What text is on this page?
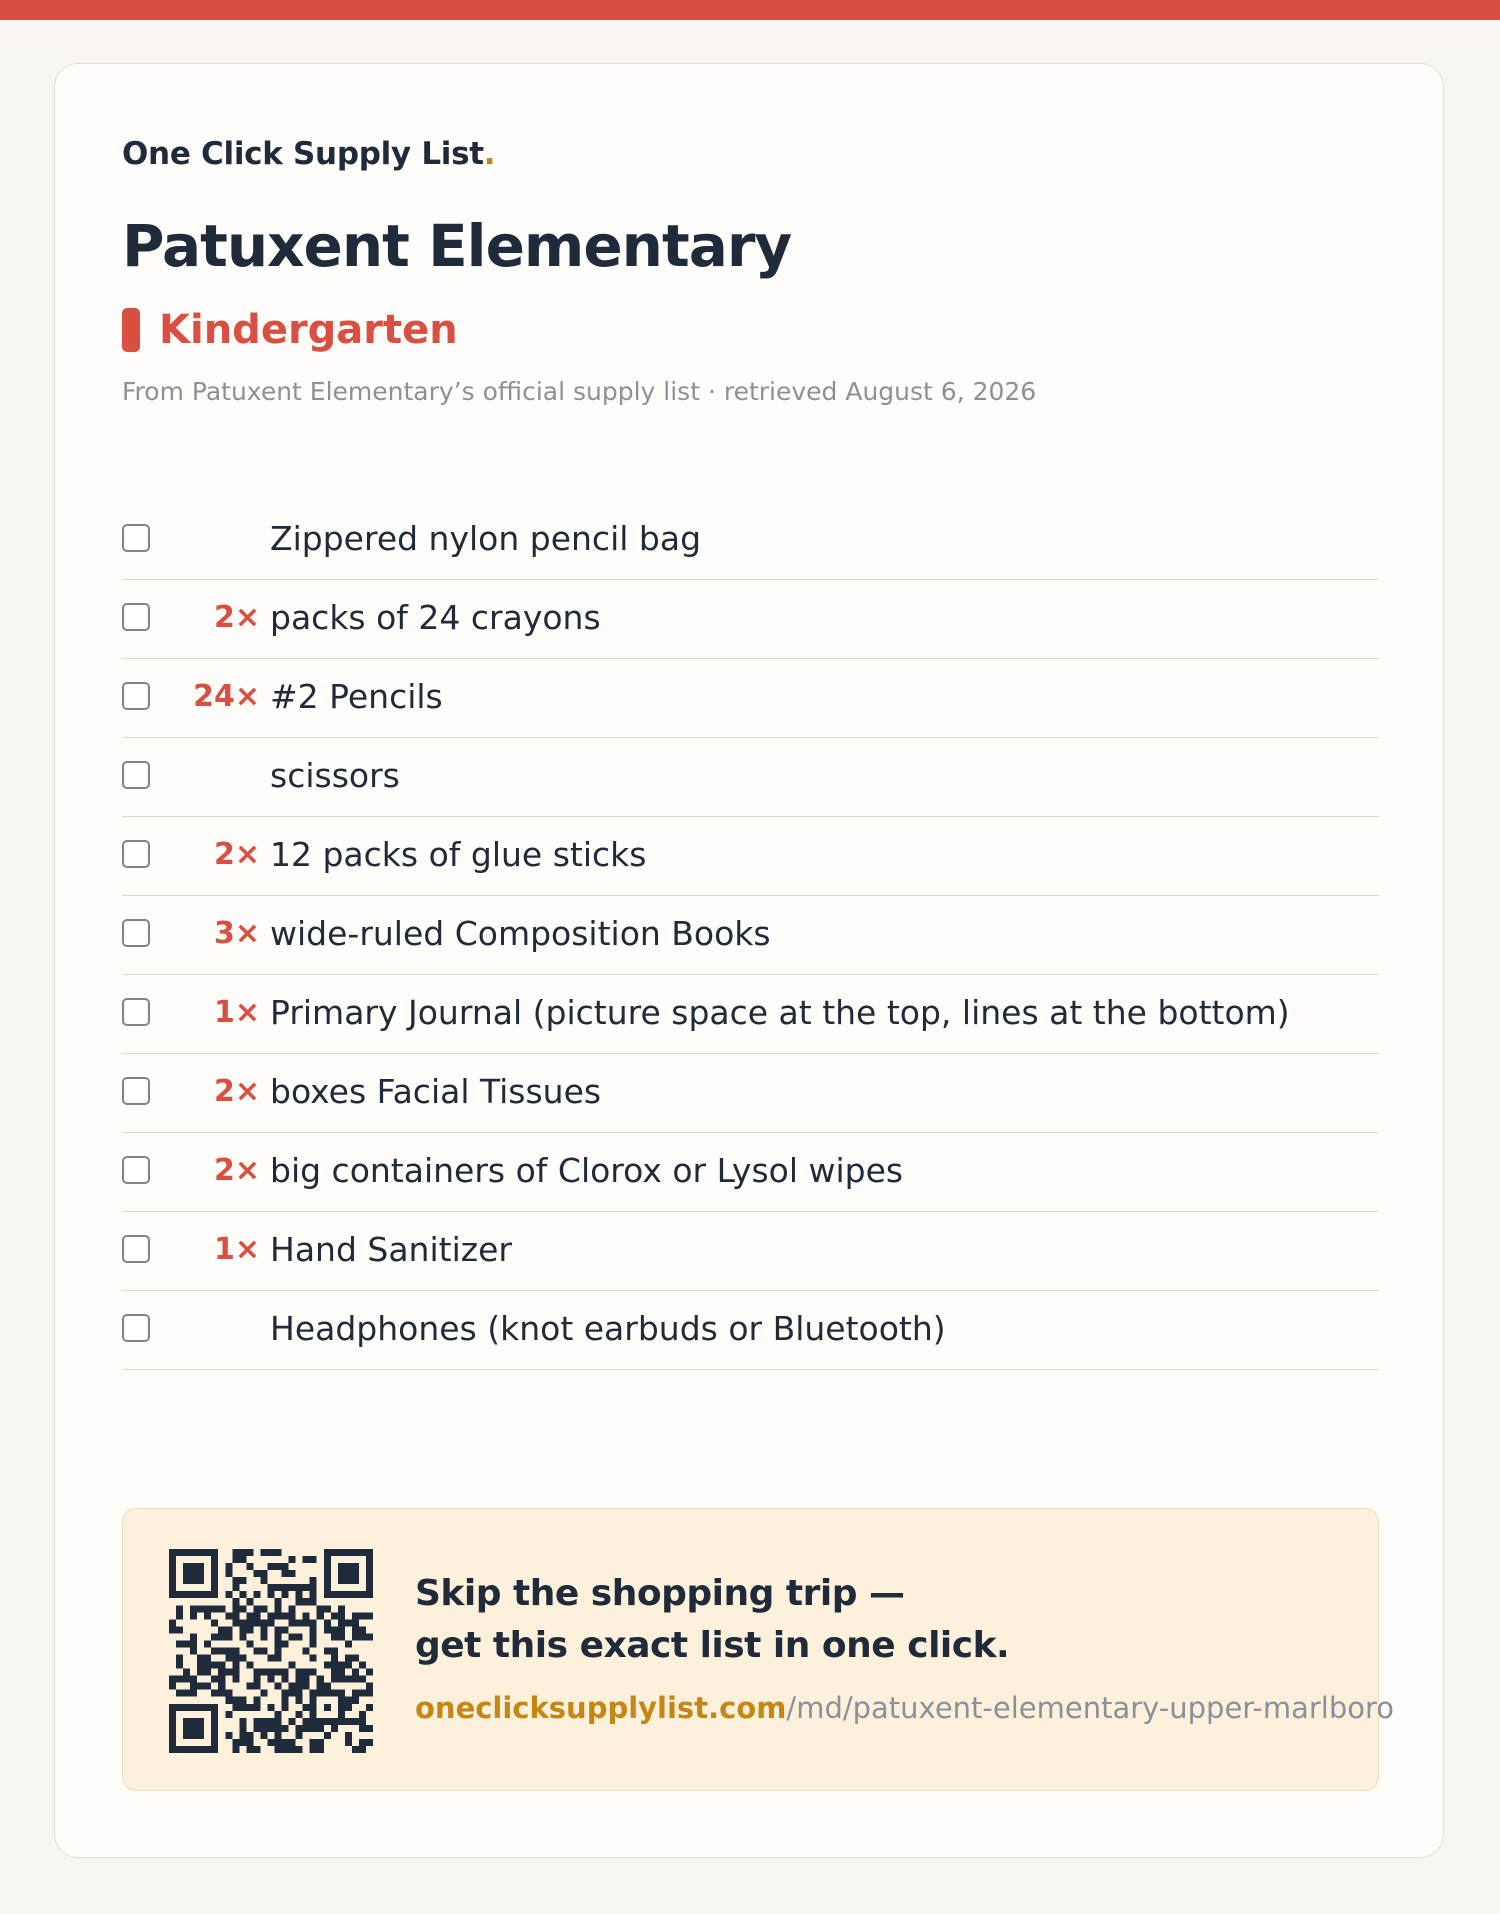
One Click Supply List.
Patuxent Elementary
Kindergarten
From Patuxent Elementary’s official supply list · retrieved August 6, 2026
Zippered nylon pencil bag
2× packs of 24 crayons
24× #2 Pencils
scissors
2× 12 packs of glue sticks
3× wide-ruled Composition Books
1× Primary Journal (picture space at the top, lines at the bottom)
2× boxes Facial Tissues
2× big containers of Clorox or Lysol wipes
1× Hand Sanitizer
Headphones (knot earbuds or Bluetooth)
Skip the shopping trip —
get this exact list in one click.
oneclicksupplylist.com/md/patuxent-elementary-upper-marlboro
